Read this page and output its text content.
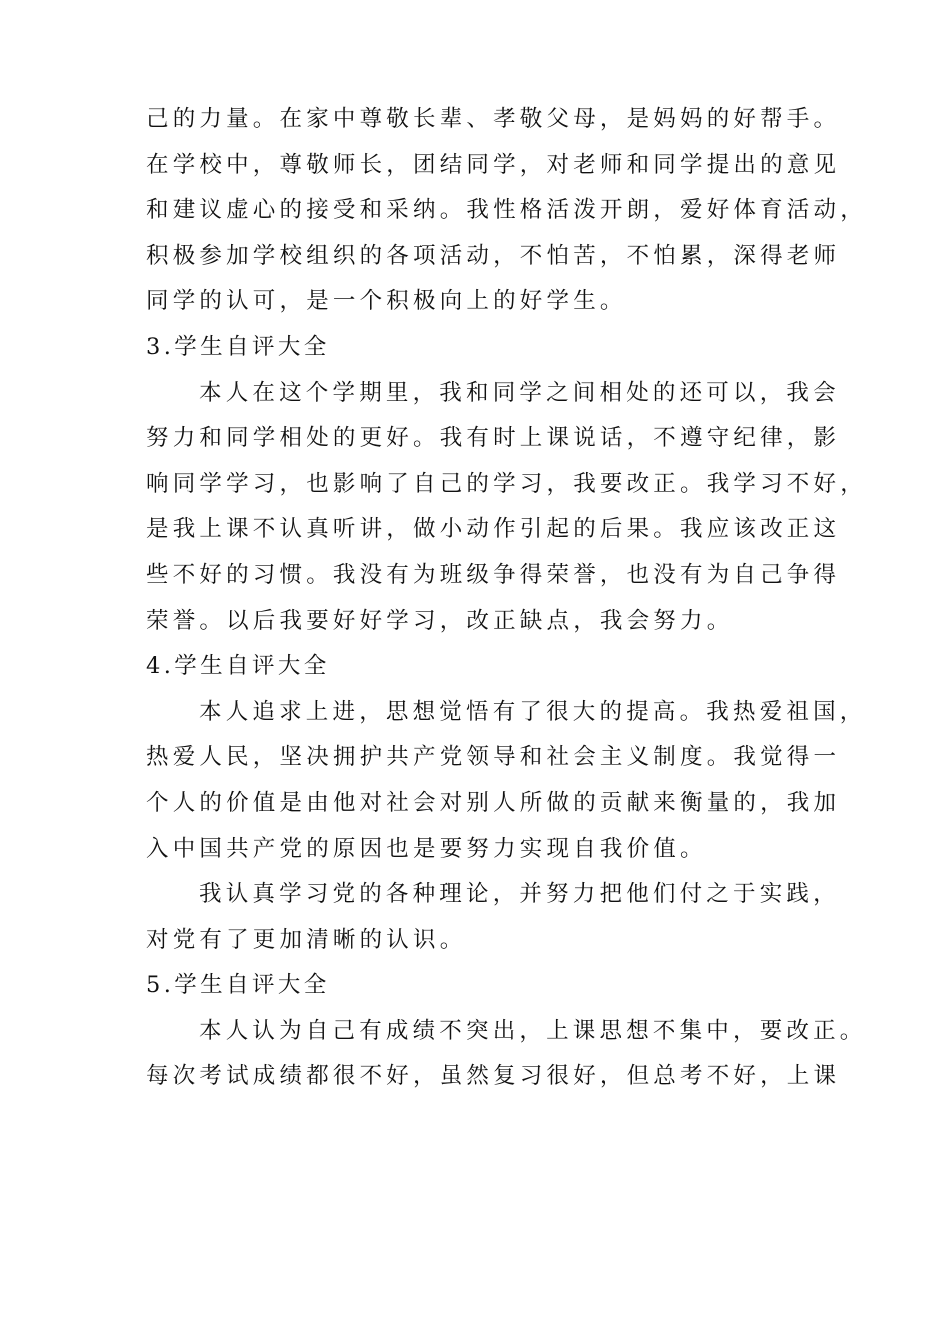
己的力量。在家中尊敬长辈、孝敬父母，是妈妈的好帮手。
在学校中，尊敬师长，团结同学，对老师和同学提出的意见
和建议虚心的接受和采纳。我性格活泼开朗，爱好体育活动，
积极参加学校组织的各项活动，不怕苦，不怕累，深得老师
同学的认可，是一个积极向上的好学生。
3.学生自评大全
本人在这个学期里，我和同学之间相处的还可以，我会
努力和同学相处的更好。我有时上课说话，不遵守纪律，影
响同学学习，也影响了自己的学习，我要改正。我学习不好，
是我上课不认真听讲，做小动作引起的后果。我应该改正这
些不好的习惯。我没有为班级争得荣誉，也没有为自己争得
荣誉。以后我要好好学习，改正缺点，我会努力。
4.学生自评大全
本人追求上进，思想觉悟有了很大的提高。我热爱祖国，
热爱人民，坚决拥护共产党领导和社会主义制度。我觉得一
个人的价值是由他对社会对别人所做的贡献来衡量的，我加
入中国共产党的原因也是要努力实现自我价值。
我认真学习党的各种理论，并努力把他们付之于实践，
对党有了更加清晰的认识。
5.学生自评大全
本人认为自己有成绩不突出，上课思想不集中，要改正。
每次考试成绩都很不好，虽然复习很好，但总考不好，上课
